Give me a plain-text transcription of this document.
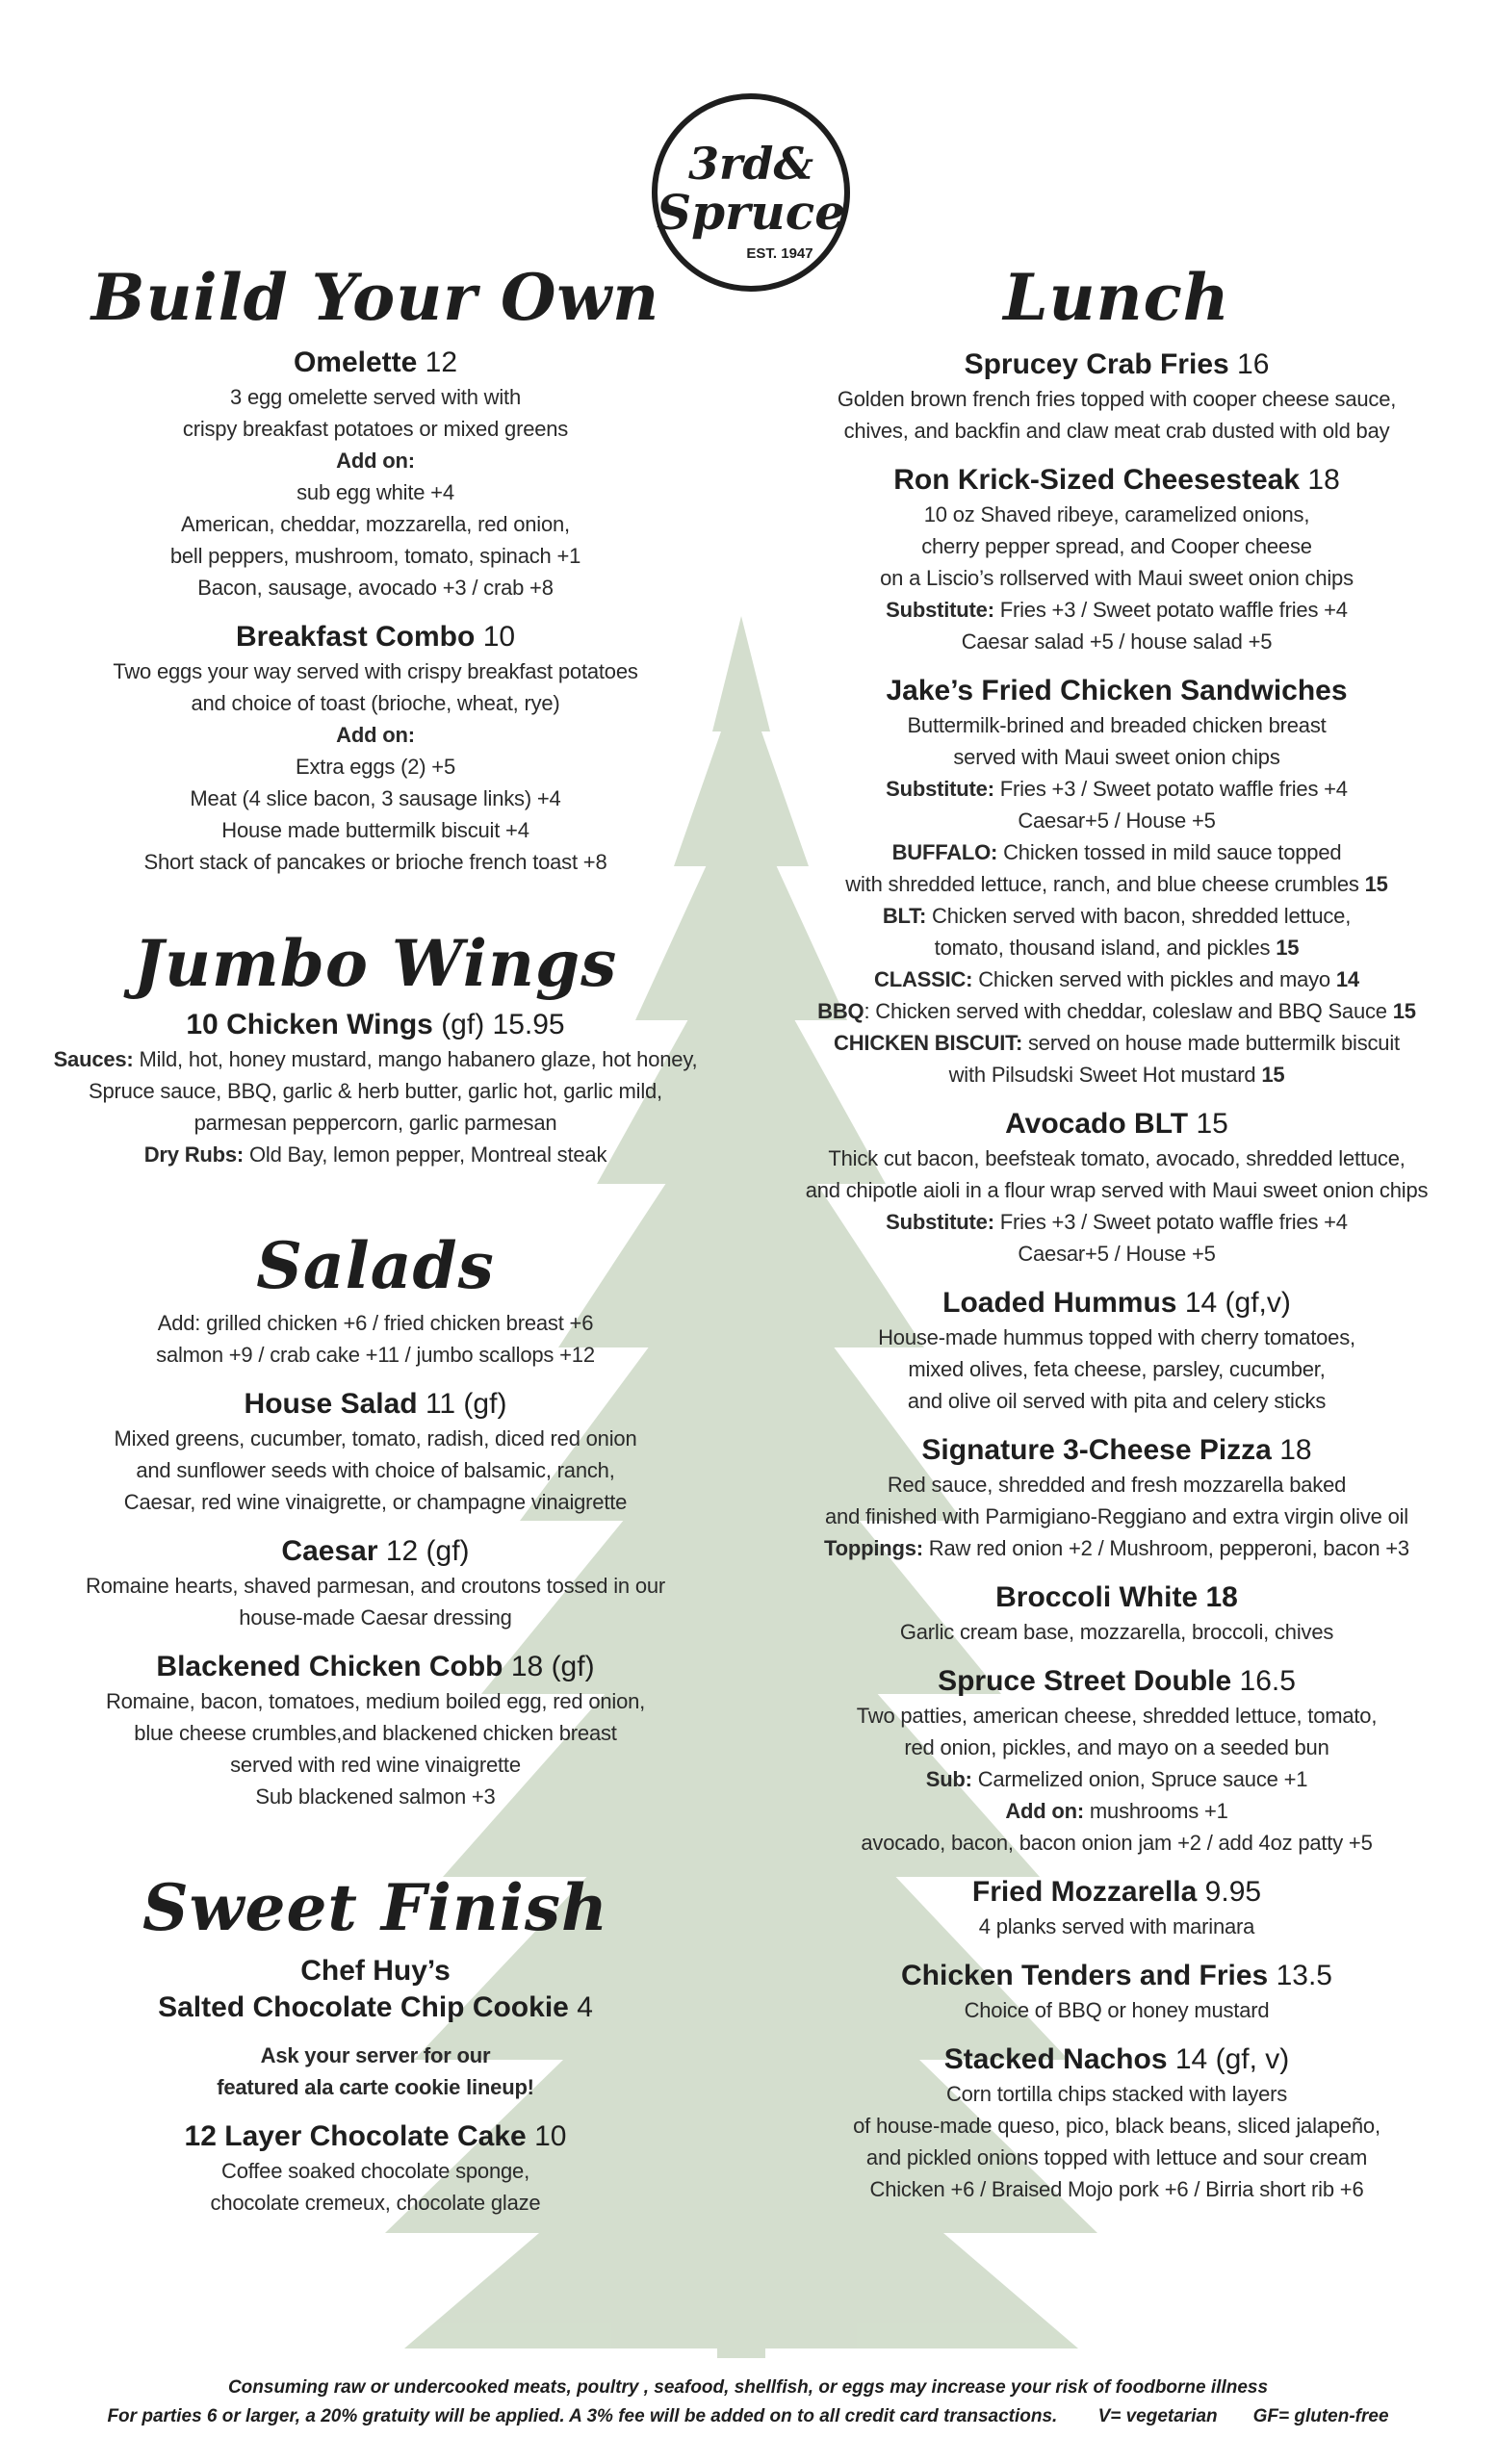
3rd&
Spruce
EST. 1947
Build Your Own
Omelette 12
3 egg omelette served with with
crispy breakfast potatoes or mixed greens
Add on:
sub egg white +4
American, cheddar, mozzarella, red onion,
bell peppers, mushroom, tomato, spinach +1
Bacon, sausage, avocado +3 / crab +8
Breakfast Combo 10
Two eggs your way served with crispy breakfast potatoes
and choice of toast (brioche, wheat, rye)
Add on:
Extra eggs (2) +5
Meat (4 slice bacon, 3 sausage links) +4
House made buttermilk biscuit +4
Short stack of pancakes or brioche french toast +8
Jumbo Wings
10 Chicken Wings (gf) 15.95
Sauces: Mild, hot, honey mustard, mango habanero glaze, hot honey,
Spruce sauce, BBQ, garlic & herb butter, garlic hot, garlic mild,
parmesan peppercorn, garlic parmesan
Dry Rubs: Old Bay, lemon pepper, Montreal steak
Salads
Add: grilled chicken +6 / fried chicken breast +6
salmon +9 / crab cake +11 / jumbo scallops +12
House Salad 11 (gf)
Mixed greens, cucumber, tomato, radish, diced red onion
and sunflower seeds with choice of balsamic, ranch,
Caesar, red wine vinaigrette, or champagne vinaigrette
Caesar 12 (gf)
Romaine hearts, shaved parmesan, and croutons tossed in our
house-made Caesar dressing
Blackened Chicken Cobb 18 (gf)
Romaine, bacon, tomatoes, medium boiled egg, red onion,
blue cheese crumbles,and blackened chicken breast
served with red wine vinaigrette
Sub blackened salmon +3
Sweet Finish
Chef Huy’s
Salted Chocolate Chip Cookie 4
Ask your server for our
featured ala carte cookie lineup!
12 Layer Chocolate Cake 10
Coffee soaked chocolate sponge,
chocolate cremeux, chocolate glaze
Lunch
Sprucey Crab Fries 16
Golden brown french fries topped with cooper cheese sauce,
chives, and backfin and claw meat crab dusted with old bay
Ron Krick-Sized Cheesesteak 18
10 oz Shaved ribeye, caramelized onions,
cherry pepper spread, and Cooper cheese
on a Liscio’s rollserved with Maui sweet onion chips
Substitute: Fries +3 / Sweet potato waffle fries +4
Caesar salad +5 / house salad +5
Jake’s Fried Chicken Sandwiches
Buttermilk-brined and breaded chicken breast
served with Maui sweet onion chips
Substitute: Fries +3 / Sweet potato waffle fries +4
Caesar+5 / House +5
BUFFALO: Chicken tossed in mild sauce topped
with shredded lettuce, ranch, and blue cheese crumbles 15
BLT: Chicken served with bacon, shredded lettuce,
tomato, thousand island, and pickles 15
CLASSIC: Chicken served with pickles and mayo 14
BBQ: Chicken served with cheddar, coleslaw and BBQ Sauce 15
CHICKEN BISCUIT: served on house made buttermilk biscuit
with Pilsudski Sweet Hot mustard 15
Avocado BLT 15
Thick cut bacon, beefsteak tomato, avocado, shredded lettuce,
and chipotle aioli in a flour wrap served with Maui sweet onion chips
Substitute: Fries +3 / Sweet potato waffle fries +4
Caesar+5 / House +5
Loaded Hummus 14 (gf,v)
House-made hummus topped with cherry tomatoes,
mixed olives, feta cheese, parsley, cucumber,
and olive oil served with pita and celery sticks
Signature 3-Cheese Pizza 18
Red sauce, shredded and fresh mozzarella baked
and finished with Parmigiano-Reggiano and extra virgin olive oil
Toppings: Raw red onion +2 / Mushroom, pepperoni, bacon +3
Broccoli White 18
Garlic cream base, mozzarella, broccoli, chives
Spruce Street Double 16.5
Two patties, american cheese, shredded lettuce, tomato,
red onion, pickles, and mayo on a seeded bun
Sub: Carmelized onion, Spruce sauce +1
Add on: mushrooms +1
avocado, bacon, bacon onion jam +2 / add 4oz patty +5
Fried Mozzarella 9.95
4 planks served with marinara
Chicken Tenders and Fries 13.5
Choice of BBQ or honey mustard
Stacked Nachos 14 (gf, v)
Corn tortilla chips stacked with layers
of house-made queso, pico, black beans, sliced jalapeño,
and pickled onions topped with lettuce and sour cream
Chicken +6 / Braised Mojo pork +6 / Birria short rib +6
Consuming raw or undercooked meats, poultry , seafood, shellfish, or eggs may increase your risk of foodborne illness
For parties 6 or larger, a 20% gratuity will be applied. A 3% fee will be added on to all credit card transactions. V= vegetarian GF= gluten-free
